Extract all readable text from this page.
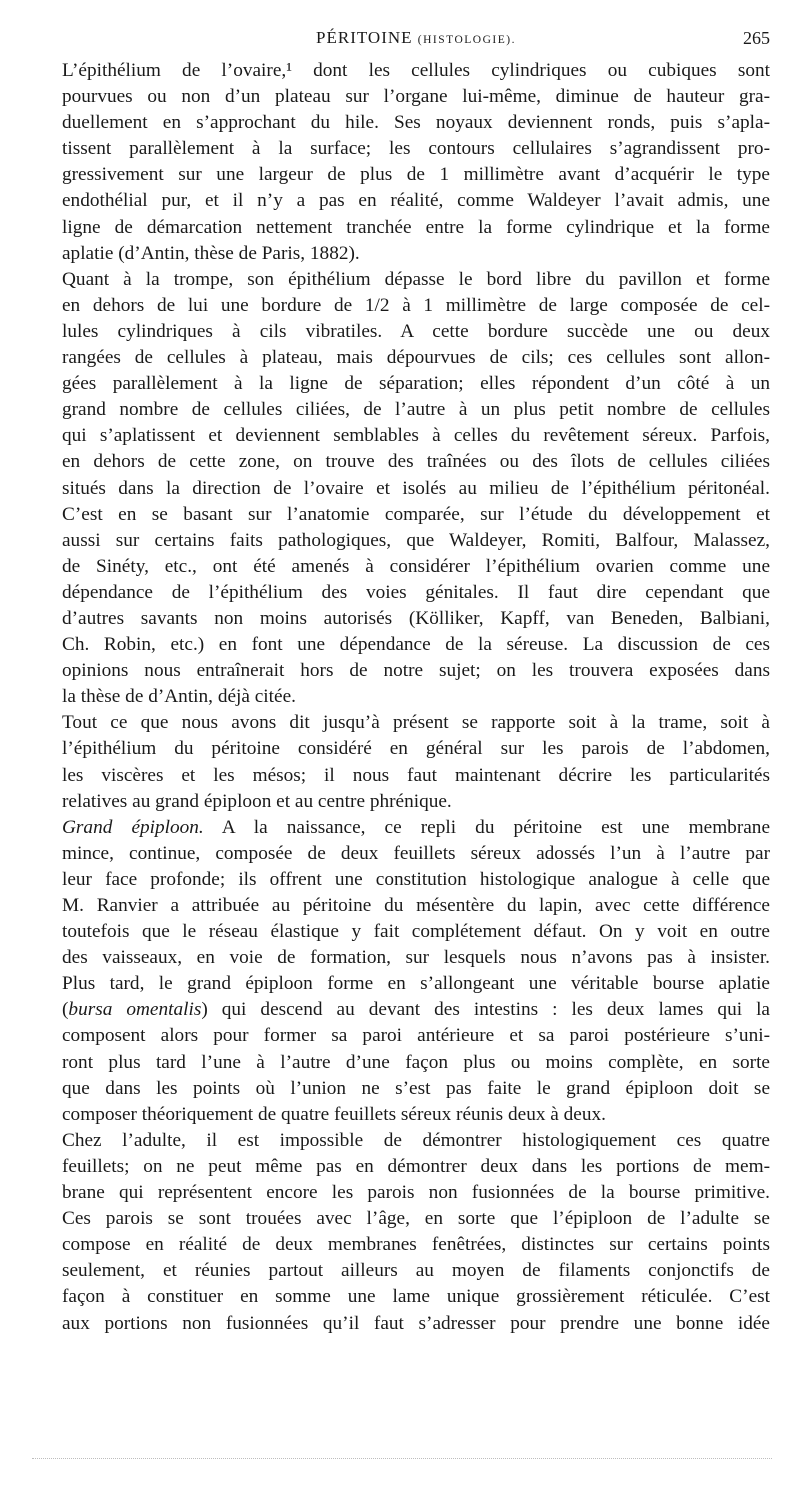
PÉRITOINE (HISTOLOGIE).	265

L’épithélium de l’ovaire,¹ dont les cellules cylindriques ou cubiques sont
pourvues ou non d’un plateau sur l’organe lui-même, diminue de hauteur gra-
duellement en s’approchant du hile. Ses noyaux deviennent ronds, puis s’apla-
tissent parallèlement à la surface; les contours cellulaires s’agrandissent pro-
gressivement sur une largeur de plus de 1 millimètre avant d’acquérir le type
endothélial pur, et il n’y a pas en réalité, comme Waldeyer l’avait admis, une
ligne de démarcation nettement tranchée entre la forme cylindrique et la forme
aplatie (d’Antin, thèse de Paris, 1882).

Quant à la trompe, son épithélium dépasse le bord libre du pavillon et forme
en dehors de lui une bordure de 1/2 à 1 millimètre de large composée de cel-
lules cylindriques à cils vibratiles. A cette bordure succède une ou deux
rangées de cellules à plateau, mais dépourvues de cils; ces cellules sont allon-
gées parallèlement à la ligne de séparation; elles répondent d’un côté à un
grand nombre de cellules ciliées, de l’autre à un plus petit nombre de cellules
qui s’aplatissent et deviennent semblables à celles du revêtement séreux. Parfois,
en dehors de cette zone, on trouve des traînées ou des îlots de cellules ciliées
situés dans la direction de l’ovaire et isolés au milieu de l’épithélium péritonéal.
C’est en se basant sur l’anatomie comparée, sur l’étude du développement et
aussi sur certains faits pathologiques, que Waldeyer, Romiti, Balfour, Malassez,
de Sinéty, etc., ont été amenés à considérer l’épithélium ovarien comme une
dépendance de l’épithélium des voies génitales. Il faut dire cependant que
d’autres savants non moins autorisés (Kölliker, Kapff, van Beneden, Balbiani,
Ch. Robin, etc.) en font une dépendance de la séreuse. La discussion de ces
opinions nous entraînerait hors de notre sujet; on les trouvera exposées dans
la thèse de d’Antin, déjà citée.

Tout ce que nous avons dit jusqu’à présent se rapporte soit à la trame, soit à
l’épithélium du péritoine considéré en général sur les parois de l’abdomen,
les viscères et les mésos; il nous faut maintenant décrire les particularités
relatives au grand épiploon et au centre phrénique.

Grand épiploon. A la naissance, ce repli du péritoine est une membrane
mince, continue, composée de deux feuillets séreux adossés l’un à l’autre par
leur face profonde; ils offrent une constitution histologique analogue à celle que
M. Ranvier a attribuée au péritoine du mésentère du lapin, avec cette différence
toutefois que le réseau élastique y fait complétement défaut. On y voit en outre
des vaisseaux, en voie de formation, sur lesquels nous n’avons pas à insister.
Plus tard, le grand épiploon forme en s’allongeant une véritable bourse aplatie
(bursa omentalis) qui descend au devant des intestins : les deux lames qui la
composent alors pour former sa paroi antérieure et sa paroi postérieure s’uni-
ront plus tard l’une à l’autre d’une façon plus ou moins complète, en sorte
que dans les points où l’union ne s’est pas faite le grand épiploon doit se
composer théoriquement de quatre feuillets séreux réunis deux à deux.

Chez l’adulte, il est impossible de démontrer histologiquement ces quatre
feuillets; on ne peut même pas en démontrer deux dans les portions de mem-
brane qui représentent encore les parois non fusionnées de la bourse primitive.
Ces parois se sont trouées avec l’âge, en sorte que l’épiploon de l’adulte se
compose en réalité de deux membranes fenêtrées, distinctes sur certains points
seulement, et réunies partout ailleurs au moyen de filaments conjonctifs de
façon à constituer en somme une lame unique grossièrement réticulée. C’est
aux portions non fusionnées qu’il faut s’adresser pour prendre une bonne idée
